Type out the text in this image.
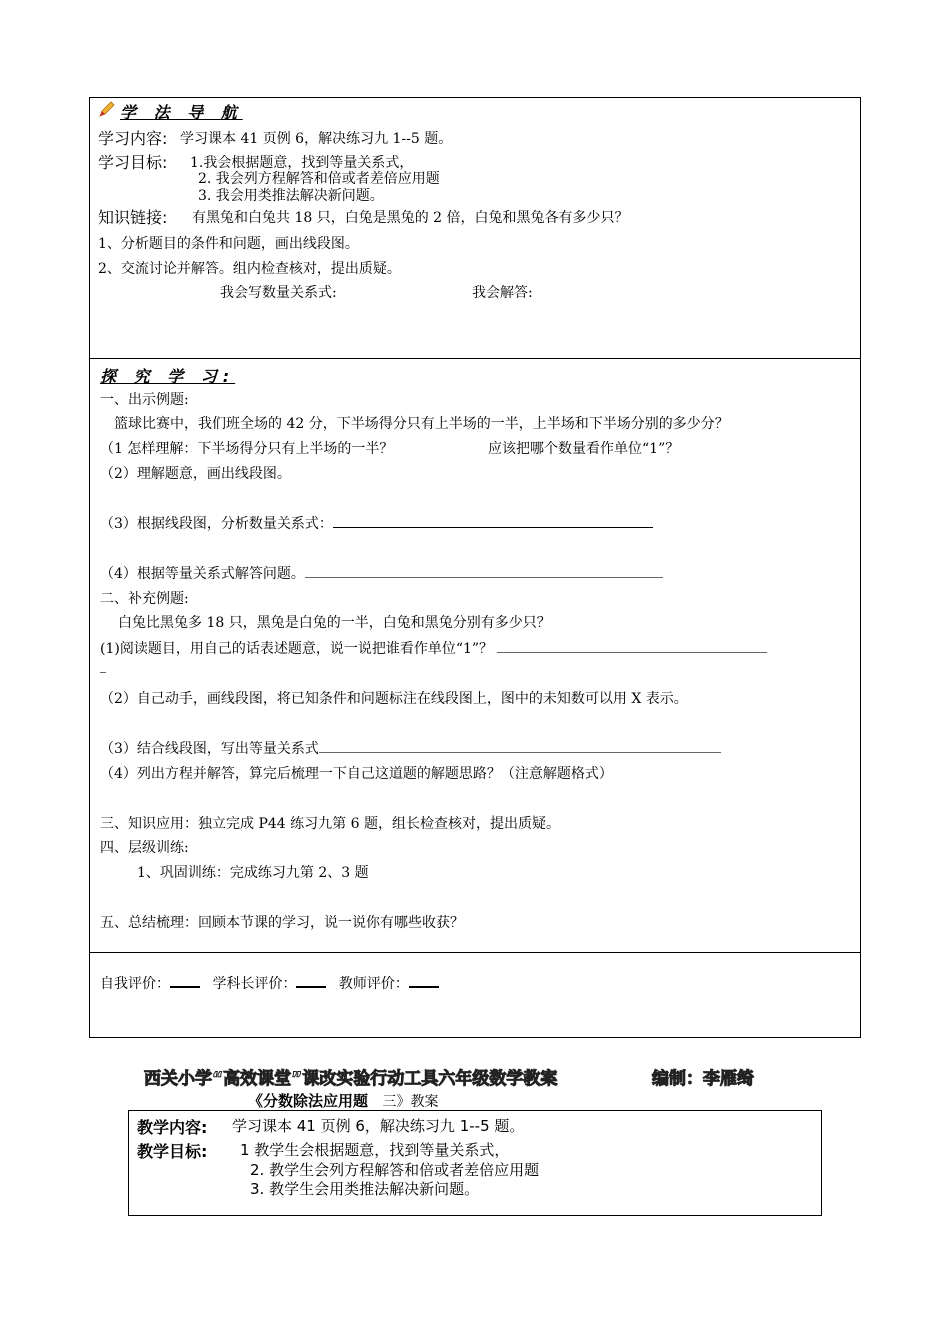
学 法 导 航
学习内容: 学习课本 41 页例 6，解决练习九 1--5 题。
学习目标: 1.我会根据题意，找到等量关系式，
2. 我会列方程解答和倍或者差倍应用题
3. 我会用类推法解决新问题。
知识链接: 有黑兔和白兔共 18 只，白兔是黑兔的 2 倍，白兔和黑兔各有多少只？
1、分析题目的条件和问题，画出线段图。
2、交流讨论并解答。组内检查核对，提出质疑。
我会写数量关系式:	我会解答:
探 究 学 习:
一、出示例题:
篮球比赛中，我们班全场的 42 分，下半场得分只有上半场的一半，上半场和下半场分别的多少分？
（1 怎样理解：下半场得分只有上半场的一半？	应该把哪个数量看作单位“1”？
（2）理解题意，画出线段图。
（3）根据线段图，分析数量关系式：
（4）根据等量关系式解答问题。
二、补充例题:
白兔比黑兔多 18 只，黑兔是白兔的一半，白兔和黑兔分别有多少只？
(1)阅读题目，用自己的话表述题意，说一说把谁看作单位“1”？
（2）自己动手，画线段图，将已知条件和问题标注在线段图上，图中的未知数可以用 X 表示。
（3）结合线段图，写出等量关系式
（4）列出方程并解答，算完后梳理一下自己这道题的解题思路？（注意解题格式）
三、知识应用：独立完成 P44 练习九第 6 题，组长检查核对，提出质疑。
四、层级训练:
1、巩固训练：完成练习九第 2、3 题
五、总结梳理：回顾本节课的学习，说一说你有哪些收获？
自我评价：	学科长评价：	教师评价：
西关小学“高效课堂”课改实验行动工具六年级数学教案	编制：李雁绮
《分数除法应用题 三》教案
教学内容: 学习课本 41 页例 6，解决练习九 1--5 题。
教学目标: 1 教学生会根据题意，找到等量关系式，
2. 教学生会列方程解答和倍或者差倍应用题
3. 教学生会用类推法解决新问题。
